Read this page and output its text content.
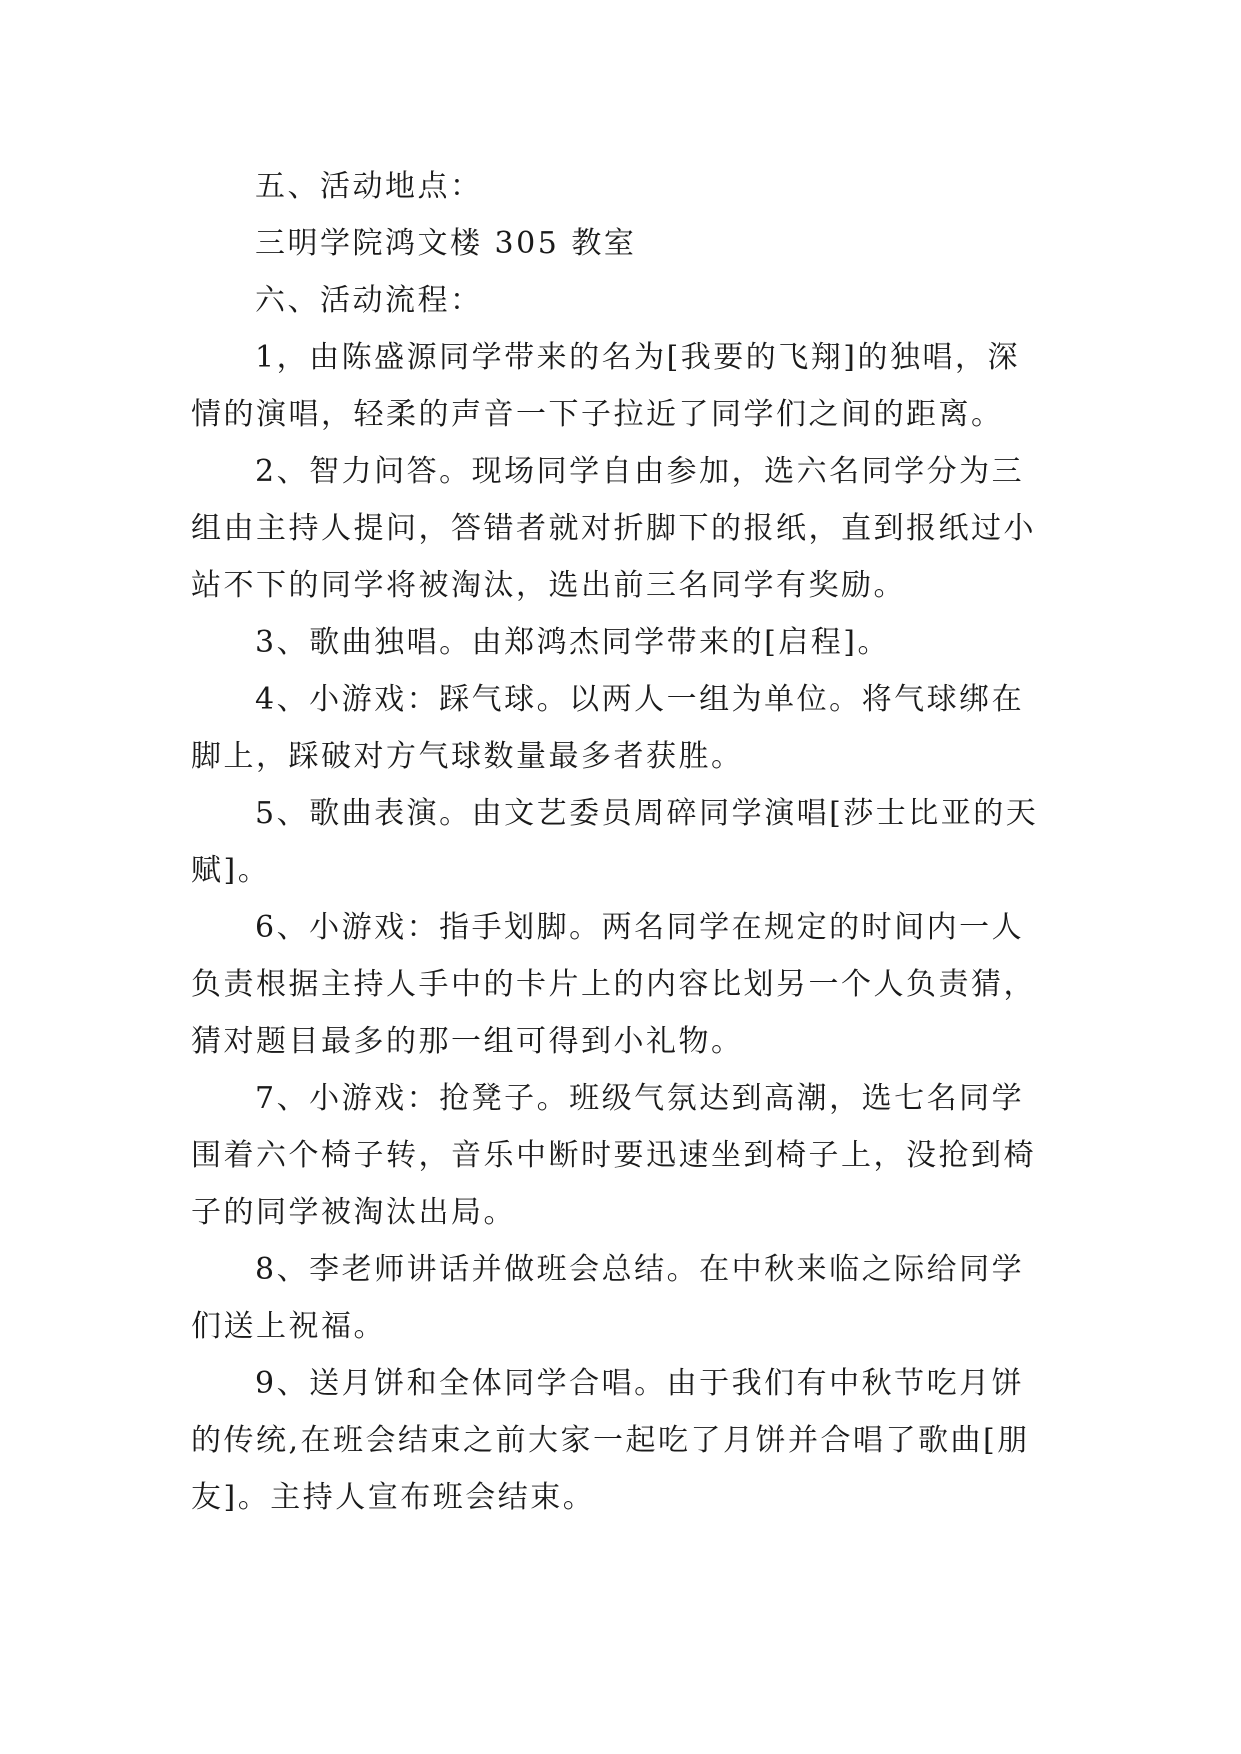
五、活动地点：
三明学院鸿文楼 305 教室
六、活动流程：
1，由陈盛源同学带来的名为[我要的飞翔]的独唱，深
情的演唱，轻柔的声音一下子拉近了同学们之间的距离。
2、智力问答。现场同学自由参加，选六名同学分为三
组由主持人提问，答错者就对折脚下的报纸，直到报纸过小
站不下的同学将被淘汰，选出前三名同学有奖励。
3、歌曲独唱。由郑鸿杰同学带来的[启程]。
4、小游戏：踩气球。以两人一组为单位。将气球绑在
脚上，踩破对方气球数量最多者获胜。
5、歌曲表演。由文艺委员周碎同学演唱[莎士比亚的天
赋]。
6、小游戏：指手划脚。两名同学在规定的时间内一人
负责根据主持人手中的卡片上的内容比划另一个人负责猜，
猜对题目最多的那一组可得到小礼物。
7、小游戏：抢凳子。班级气氛达到高潮，选七名同学
围着六个椅子转，音乐中断时要迅速坐到椅子上，没抢到椅
子的同学被淘汰出局。
8、李老师讲话并做班会总结。在中秋来临之际给同学
们送上祝福。
9、送月饼和全体同学合唱。由于我们有中秋节吃月饼
的传统,在班会结束之前大家一起吃了月饼并合唱了歌曲[朋
友]。主持人宣布班会结束。
